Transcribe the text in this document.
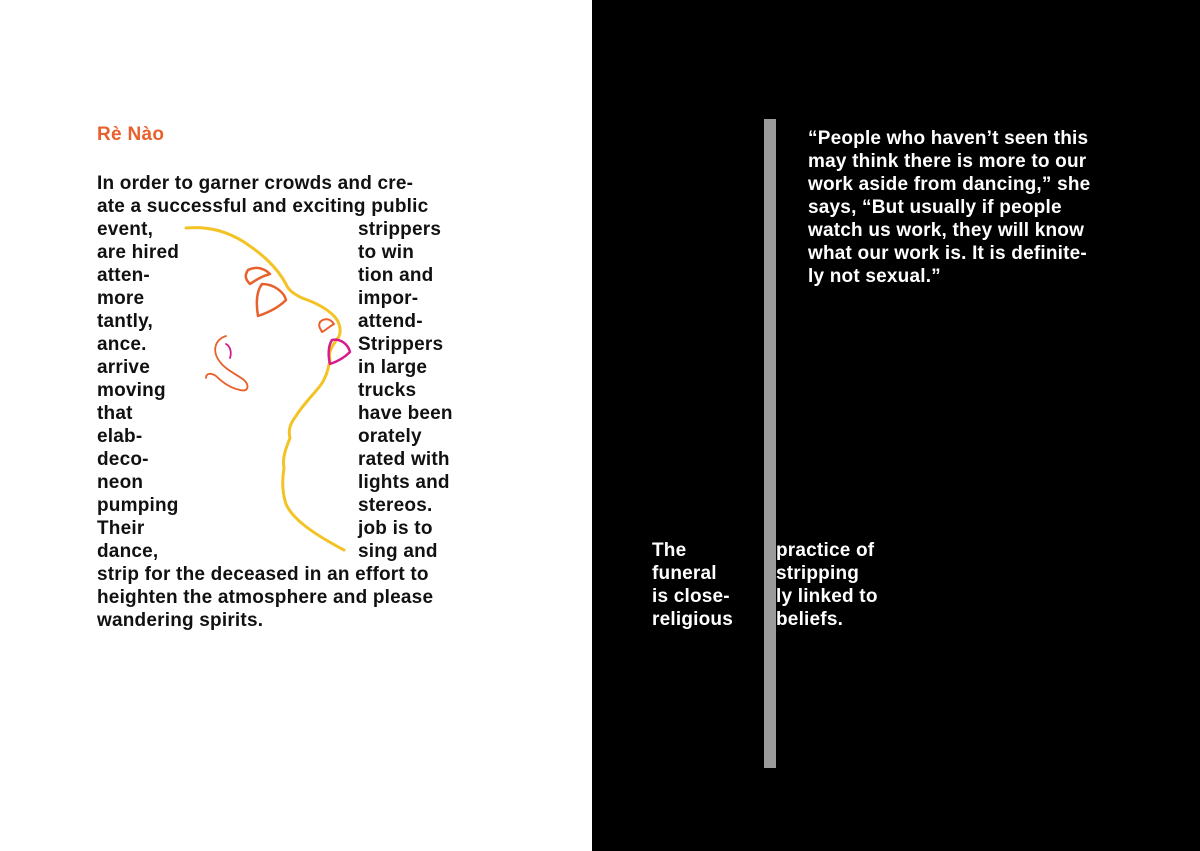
Rè Nào
In order to garner crowds and cre-
ate a successful and exciting public
event,
are hired
atten-
more
tantly,
ance.
arrive
moving
that
elab-
deco-
neon
pumping
Their
dance,
strippers
to win
tion and
impor-
attend-
Strippers
in large
trucks
have been
orately
rated with
lights and
stereos.
job is to
sing and
strip for the deceased in an effort to
heighten the atmosphere and please
wandering spirits.
“People who haven’t seen this
may think there is more to our
work aside from dancing,” she
says, “But usually if people
watch us work, they will know
what our work is. It is definite-
ly not sexual.”
The
funeral
is close-
religious
practice of
stripping
ly linked to
beliefs.
